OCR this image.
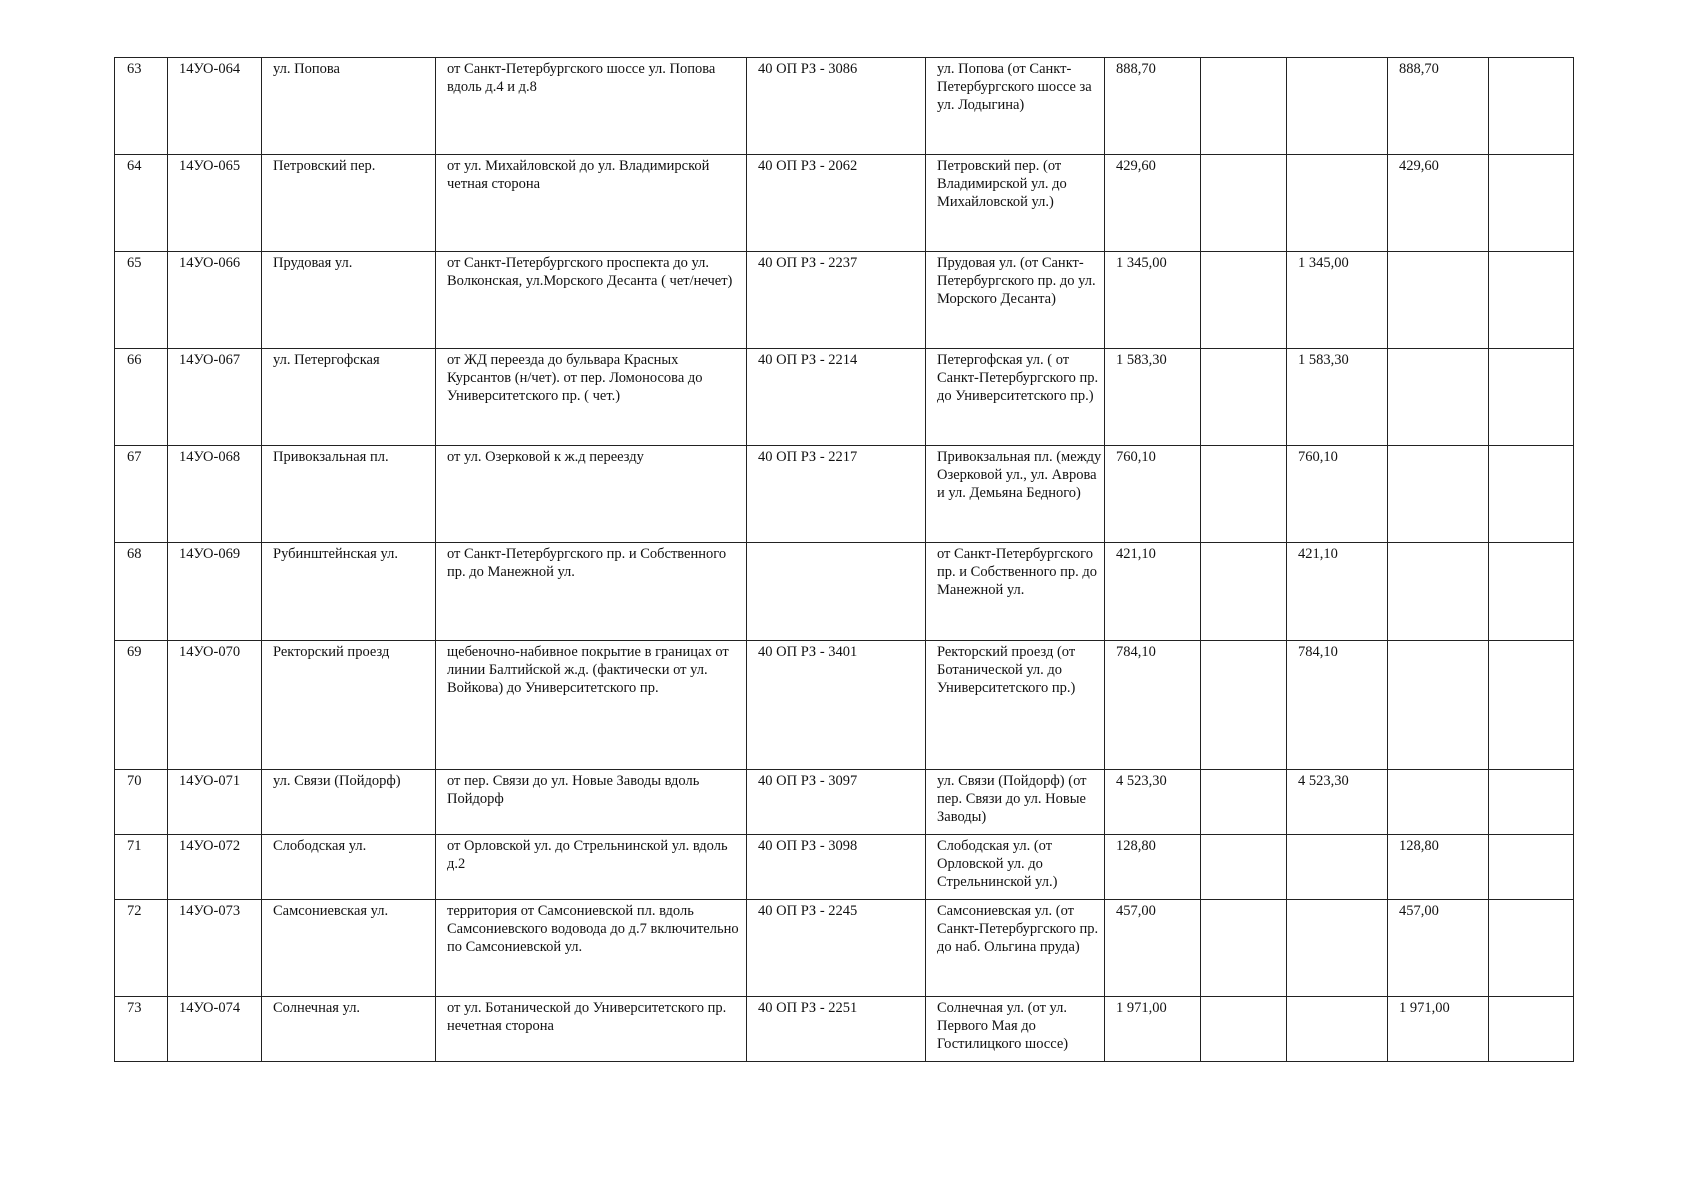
63	14УО-064	ул. Попова	от Санкт-Петербургского шоссе ул. Попова вдоль д.4 и д.8	40 ОП РЗ - 3086	ул. Попова (от Санкт-Петербургского шоссе за ул. Лодыгина)	888,70			888,70	
64	14УО-065	Петровский пер.	от ул. Михайловской до ул. Владимирской четная сторона	40 ОП РЗ - 2062	Петровский пер. (от Владимирской ул. до Михайловской ул.)	429,60			429,60	
65	14УО-066	Прудовая ул.	от Санкт-Петербургского проспекта до ул. Волконская, ул.Морского Десанта ( чет/нечет)	40 ОП РЗ - 2237	Прудовая ул. (от Санкт-Петербургского пр. до ул. Морского Десанта)	1 345,00		1 345,00		
66	14УО-067	ул. Петергофская	от ЖД переезда до бульвара Красных Курсантов (н/чет). от пер. Ломоносова до Университетского пр. ( чет.)	40 ОП РЗ - 2214	Петергофская ул. ( от Санкт-Петербургского пр. до Университетского пр.)	1 583,30		1 583,30		
67	14УО-068	Привокзальная пл.	от ул. Озерковой к ж.д переезду	40 ОП РЗ - 2217	Привокзальная пл. (между Озерковой ул., ул. Аврова и ул. Демьяна Бедного)	760,10		760,10		
68	14УО-069	Рубинштейнская ул.	от Санкт-Петербургского пр. и Собственного пр. до Манежной ул.		от Санкт-Петербургского пр. и Собственного пр. до Манежной ул.	421,10		421,10		
69	14УО-070	Ректорский проезд	щебеночно-набивное покрытие в границах от линии Балтийской ж.д. (фактически от ул. Войкова) до Университетского пр.	40 ОП РЗ - 3401	Ректорский проезд (от Ботанической ул. до Университетского пр.)	784,10		784,10		
70	14УО-071	ул. Связи (Пойдорф)	от пер. Связи до ул. Новые Заводы вдоль Пойдорф	40 ОП РЗ - 3097	ул. Связи (Пойдорф) (от пер. Связи до ул. Новые Заводы)	4 523,30		4 523,30		
71	14УО-072	Слободская ул.	от Орловской ул. до Стрельнинской ул. вдоль д.2	40 ОП РЗ - 3098	Слободская ул. (от Орловской ул. до Стрельнинской ул.)	128,80			128,80	
72	14УО-073	Самсониевская ул.	территория от Самсониевской пл. вдоль Самсониевского водовода до д.7 включительно по Самсониевской ул.	40 ОП РЗ - 2245	Самсониевская ул. (от Санкт-Петербургского пр. до наб. Ольгина пруда)	457,00			457,00	
73	14УО-074	Солнечная ул.	от ул. Ботанической до Университетского пр. нечетная сторона	40 ОП РЗ - 2251	Солнечная ул. (от ул. Первого Мая до Гостилицкого шоссе)	1 971,00			1 971,00	
